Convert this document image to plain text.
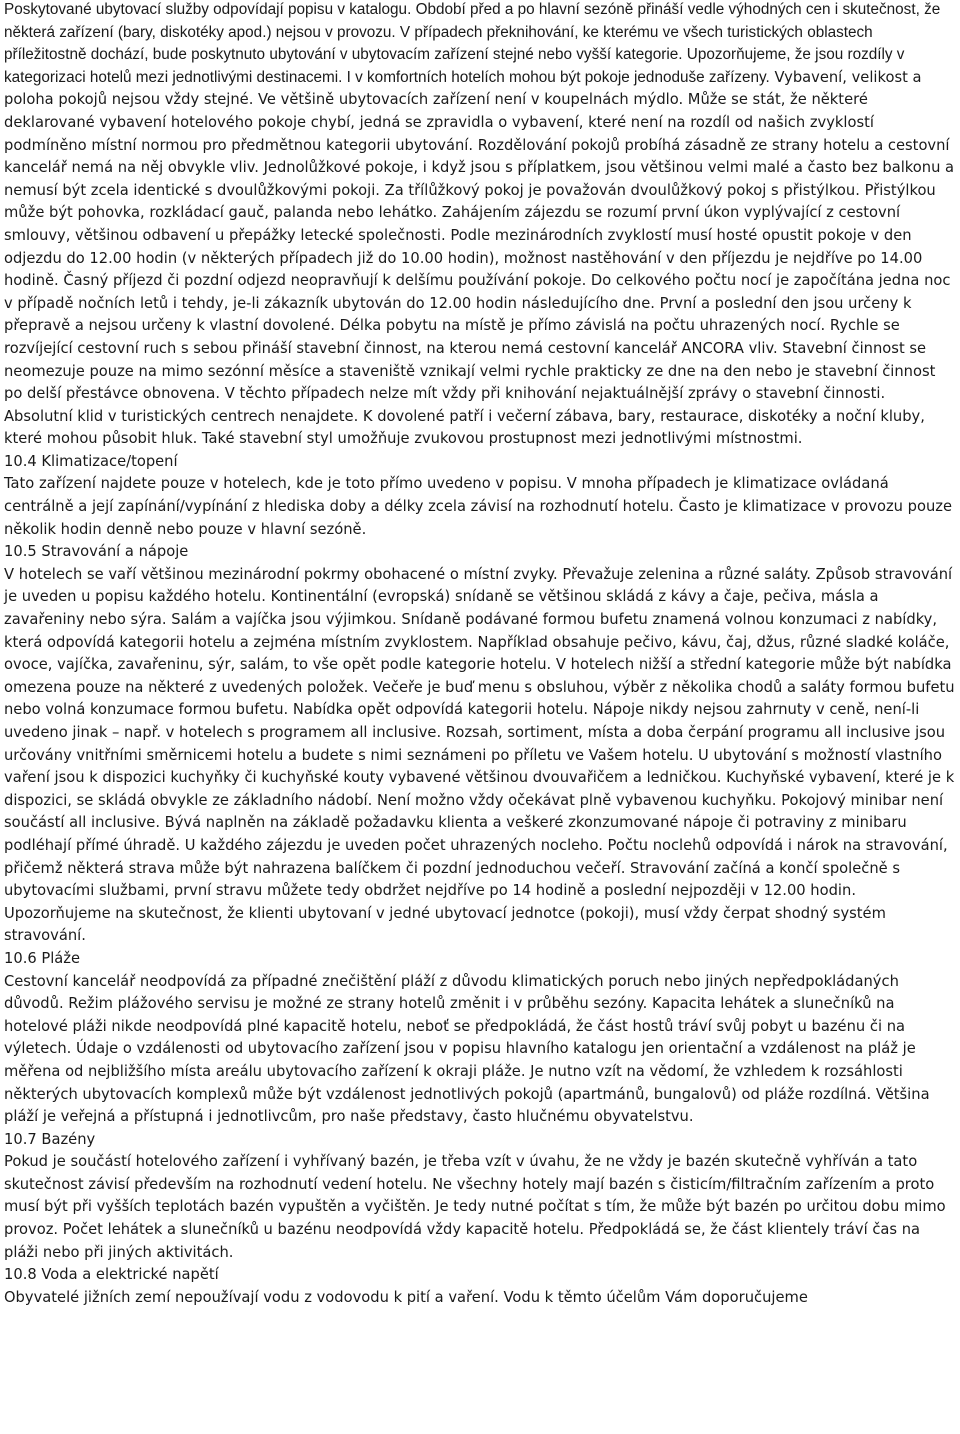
Poskytované ubytovací služby odpovídají popisu v katalogu. Období před a po hlavní sezóně přináší vedle výhodných cen i skutečnost, že některá zařízení (bary, diskotéky apod.) nejsou v provozu. V případech překnihování, ke kterému ve všech turistických oblastech příležitostně dochází, bude poskytnuto ubytování v ubytovacím zařízení stejné nebo vyšší kategorie. Upozorňujeme, že jsou rozdíly v kategorizaci hotelů mezi jednotlivými destinacemi. I v komfortních hotelích mohou být pokoje jednoduše zařízeny. Vybavení, velikost a poloha pokojů nejsou vždy stejné. Ve většině ubytovacích zařízení není v koupelnách mýdlo. Může se stát, že některé deklarované vybavení hotelového pokoje chybí, jedná se zpravidla o vybavení, které není na rozdíl od našich zvyklostí podmíněno místní normou pro předmětnou kategorii ubytování. Rozdělování pokojů probíhá zásadně ze strany hotelu a cestovní kancelář nemá na něj obvykle vliv. Jednolůžkové pokoje, i když jsou s příplatkem, jsou většinou velmi malé a často bez balkonu a nemusí být zcela identické s dvoulůžkovými pokoji. Za třílůžkový pokoj je považován dvoulůžkový pokoj s přistýlkou. Přistýlkou může být pohovka, rozkládací gauč, palanda nebo lehátko. Zahájením zájezdu se rozumí první úkon vyplývající z cestovní smlouvy, většinou odbavení u přepážky letecké společnosti. Podle mezinárodních zvyklostí musí hosté opustit pokoje v den odjezdu do 12.00 hodin (v některých případech již do 10.00 hodin), možnost nastěhování v den příjezdu je nejdříve po 14.00 hodině. Časný příjezd či pozdní odjezd neopravňují k delšímu používání pokoje. Do celkového počtu nocí je započítána jedna noc v případě nočních letů i tehdy, je-li zákazník ubytován do 12.00 hodin následujícího dne. První a poslední den jsou určeny k přepravě a nejsou určeny k vlastní dovolené. Délka pobytu na místě je přímo závislá na počtu uhrazených nocí. Rychle se rozvíjející cestovní ruch s sebou přináší stavební činnost, na kterou nemá cestovní kancelář ANCORA vliv. Stavební činnost se neomezuje pouze na mimo sezónní měsíce a staveniště vznikají velmi rychle prakticky ze dne na den nebo je stavební činnost po delší přestávce obnovena. V těchto případech nelze mít vždy při knihování nejaktuálnější zprávy o stavební činnosti. Absolutní klid v turistických centrech nenajdete. K dovolené patří i večerní zábava, bary, restaurace, diskotéky a noční kluby, které mohou působit hluk. Také stavební styl umožňuje zvukovou prostupnost mezi jednotlivými místnostmi.

10.4 Klimatizace/topení

Tato zařízení najdete pouze v hotelech, kde je toto přímo uvedeno v popisu. V mnoha případech je klimatizace ovládaná centrálně a její zapínání/vypínání z hlediska doby a délky zcela závisí na rozhodnutí hotelu. Často je klimatizace v provozu pouze několik hodin denně nebo pouze v hlavní sezóně.

10.5 Stravování a nápoje

V hotelech se vaří většinou mezinárodní pokrmy obohacené o místní zvyky. Převažuje zelenina a různé saláty. Způsob stravování je uveden u popisu každého hotelu. Kontinentální (evropská) snídaně se většinou skládá z kávy a čaje, pečiva, másla a zavařeniny nebo sýra. Salám a vajíčka jsou výjimkou. Snídaně podávané formou bufetu znamená volnou konzumaci z nabídky, která odpovídá kategorii hotelu a zejména místním zvyklostem. Například obsahuje pečivo, kávu, čaj, džus, různé sladké koláče, ovoce, vajíčka, zavařeninu, sýr, salám, to vše opět podle kategorie hotelu. V hotelech nižší a střední kategorie může být nabídka omezena pouze na některé z uvedených položek. Večeře je buď menu s obsluhou, výběr z několika chodů a saláty formou bufetu nebo volná konzumace formou bufetu. Nabídka opět odpovídá kategorii hotelu. Nápoje nikdy nejsou zahrnuty v ceně, není-li uvedeno jinak – např. v hotelech s programem all inclusive. Rozsah, sortiment, místa a doba čerpání programu all inclusive jsou určovány vnitřními směrnicemi hotelu a budete s nimi seznámeni po příletu ve Vašem hotelu. U ubytování s možností vlastního vaření jsou k dispozici kuchyňky či kuchyňské kouty vybavené většinou dvouvařičem a ledničkou. Kuchyňské vybavení, které je k dispozici, se skládá obvykle ze základního nádobí. Není možno vždy očekávat plně vybavenou kuchyňku. Pokojový minibar není součástí all inclusive. Bývá naplněn na základě požadavku klienta a veškeré zkonzumované nápoje či potraviny z minibaru podléhají přímé úhradě. U každého zájezdu je uveden počet uhrazených nocleho. Počtu noclehů odpovídá i nárok na stravování, přičemž některá strava může být nahrazena balíčkem či pozdní jednoduchou večeří. Stravování začíná a končí společně s ubytovacími službami, první stravu můžete tedy obdržet nejdříve po 14 hodině a poslední nejpozději v 12.00 hodin. Upozorňujeme na skutečnost, že klienti ubytovaní v jedné ubytovací jednotce (pokoji), musí vždy čerpat shodný systém stravování.

10.6 Pláže

Cestovní kancelář neodpovídá za případné znečištění pláží z důvodu klimatických poruch nebo jiných nepředpokládaných důvodů. Režim plážového servisu je možné ze strany hotelů změnit i v průběhu sezóny. Kapacita lehátek a slunečníků na hotelové pláži nikde neodpovídá plné kapacitě hotelu, neboť se předpokládá, že část hostů tráví svůj pobyt u bazénu či na výletech. Údaje o vzdálenosti od ubytovacího zařízení jsou v popisu hlavního katalogu jen orientační a vzdálenost na pláž je měřena od nejbližšího místa areálu ubytovacího zařízení k okraji pláže. Je nutno vzít na vědomí, že vzhledem k rozsáhlosti některých ubytovacích komplexů může být vzdálenost jednotlivých pokojů (apartmánů, bungalovů) od pláže rozdílná. Většina pláží je veřejná a přístupná i jednotlivcům, pro naše představy, často hlučnému obyvatelstvu.

10.7 Bazény

Pokud je součástí hotelového zařízení i vyhřívaný bazén, je třeba vzít v úvahu, že ne vždy je bazén skutečně vyhříván a tato skutečnost závisí především na rozhodnutí vedení hotelu. Ne všechny hotely mají bazén s čisticím/filtračním zařízením a proto musí být při vyšších teplotách bazén vypuštěn a vyčištěn. Je tedy nutné počítat s tím, že může být bazén po určitou dobu mimo provoz. Počet lehátek a slunečníků u bazénu neodpovídá vždy kapacitě hotelu. Předpokládá se, že část klientely tráví čas na pláži nebo při jiných aktivitách.

10.8 Voda a elektrické napětí

Obyvatelé jižních zemí nepoužívají vodu z vodovodu k pití a vaření. Vodu k těmto účelům Vám doporučujeme
